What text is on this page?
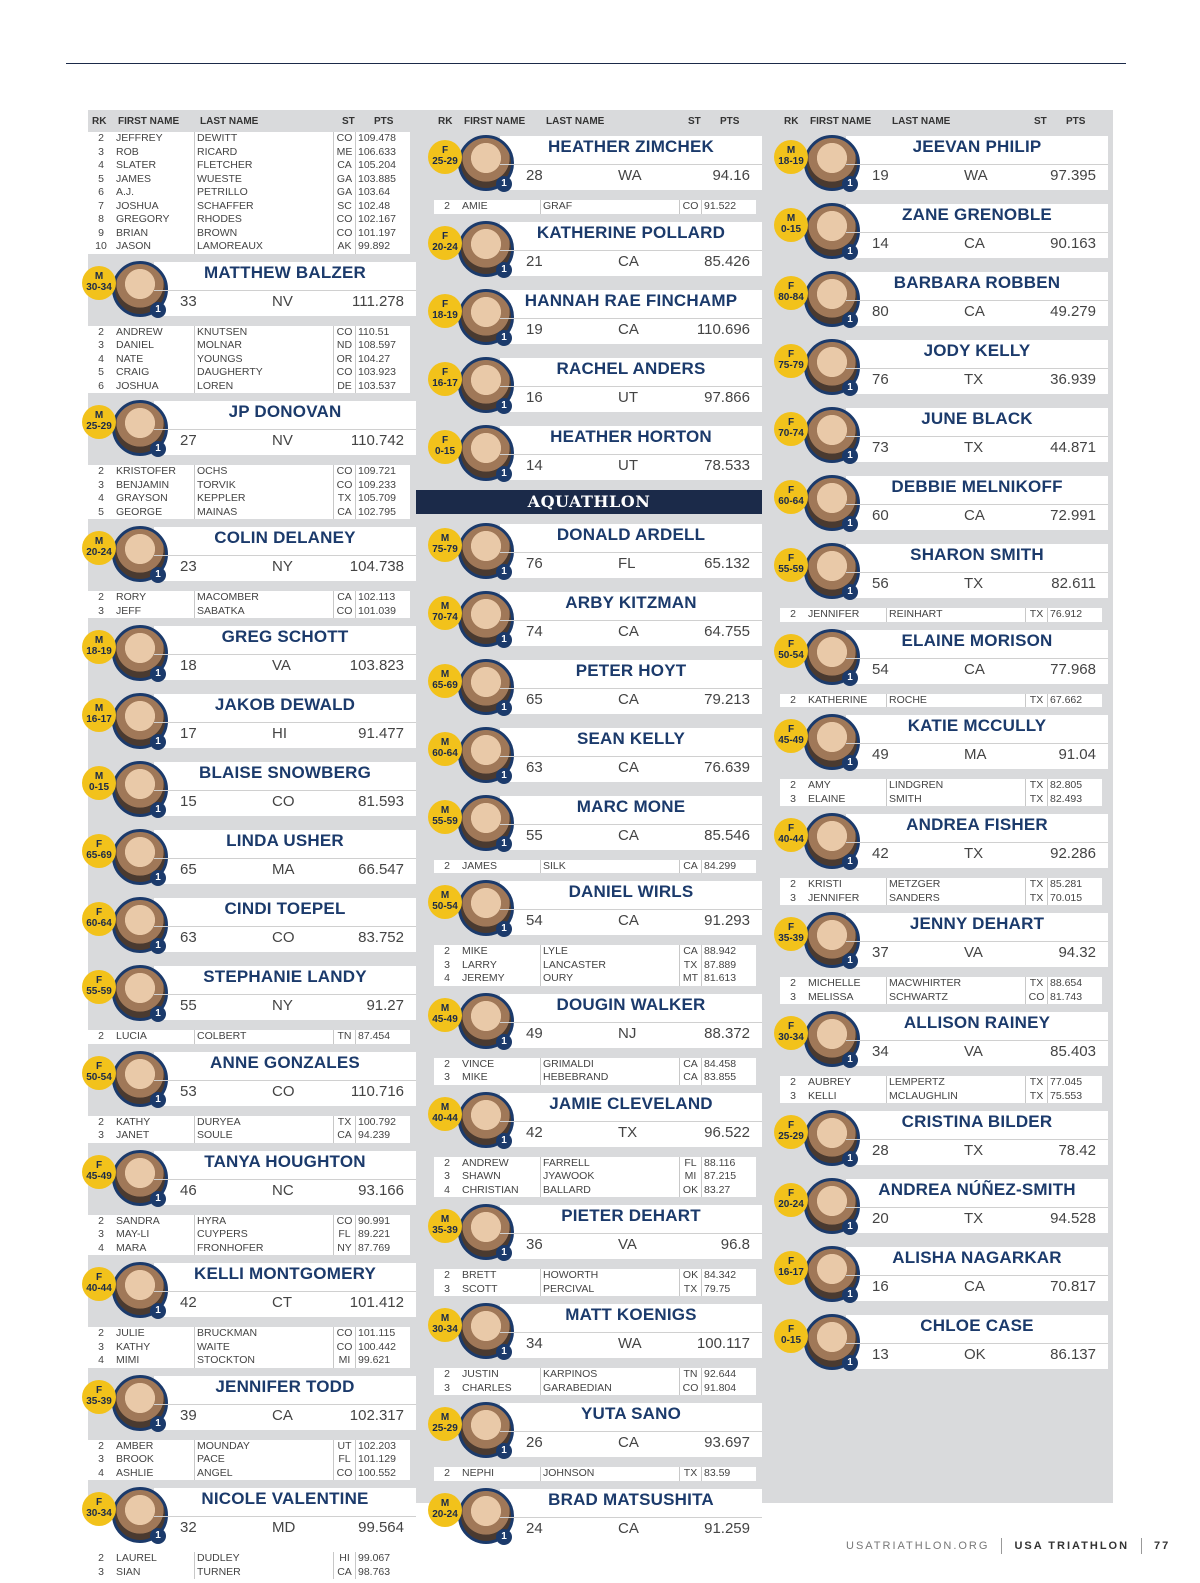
RK FIRST NAME LAST NAME	ST PTS
2	JEFFREY	DEWITT	CO 109.478
3	ROB	RICARD	ME 106.633
4	SLATER	FLETCHER	CA 105.204
5	JAMES	WUESTE	GA 103.885
6	A.J.	PETRILLO	GA 103.64
7	JOSHUA	SCHAFFER	SC 102.48
8	GREGORY	RHODES	CO 102.167
9	BRIAN	BROWN	CO 101.197
10 JASON	LAMOREAUX	AK 99.892
M
30-34
1
MATTHEW BALZER
33	NV	111.278
2	ANDREW	KNUTSEN	CO 110.51
3	DANIEL	MOLNAR	ND 108.597
4	NATE	YOUNGS	OR 104.27
5	CRAIG	DAUGHERTY	CO 103.923
6	JOSHUA	LOREN	DE 103.537
M
25-29
1
JP DONOVAN
27	NV	110.742
2	KRISTOFER	OCHS	CO 109.721
3	BENJAMIN	TORVIK	CO 109.233
4	GRAYSON	KEPPLER	TX 105.709
5	GEORGE	MAINAS	CA 102.795
M
20-24
1
COLIN DELANEY
23	NY	104.738
2	RORY	MACOMBER	CA 102.113
3	JEFF	SABATKA	CO 101.039
M
18-19
1
GREG SCHOTT
18	VA	103.823
M
16-17
1
JAKOB DEWALD
17	HI	91.477
M
0-15
1
BLAISE SNOWBERG
15	CO	81.593
F
65-69
1
LINDA USHER
65	MA	66.547
F
60-64
1
CINDI TOEPEL
63	CO	83.752
F
55-59
1
STEPHANIE LANDY
55	NY	91.27
2	LUCIA	COLBERT	TN 87.454
F
50-54
1
ANNE GONZALES
53	CO	110.716
2	KATHY	DURYEA	TX 100.792
3	JANET	SOULE	CA 94.239
F
45-49
1
TANYA HOUGHTON
46	NC	93.166
2	SANDRA	HYRA	CO 90.991
3	MAY-LI	CUYPERS	FL 89.221
4	MARA	FRONHOFER	NY 87.769
F
40-44
1
KELLI MONTGOMERY
42	CT	101.412
2	JULIE	BRUCKMAN	CO 101.115
3	KATHY	WAITE	CO 100.442
4	MIMI	STOCKTON	MI 99.621
F
35-39
1
JENNIFER TODD
39	CA	102.317
2	AMBER	MOUNDAY	UT 102.203
3	BROOK	PACE	FL 101.129
4	ASHLIE	ANGEL	CO 100.552
F
30-34
1
NICOLE VALENTINE
32	MD	99.564
2	LAUREL	DUDLEY	HI 99.067
3	SIAN	TURNER	CA 98.763
RK FIRST NAME LAST NAME	ST PTS
F
25-29
1
HEATHER ZIMCHEK
28	WA	94.16
2	AMIE	GRAF	CO 91.522
F
20-24
1
KATHERINE POLLARD
21	CA	85.426
F
18-19
1
HANNAH RAE FINCHAMP
19	CA	110.696
F
16-17
1
RACHEL ANDERS
16	UT	97.866
F
0-15
1
HEATHER HORTON
14	UT	78.533
AQUATHLON
M
75-79
1
DONALD ARDELL
76	FL	65.132
M
70-74
1
ARBY KITZMAN
74	CA	64.755
M
65-69
1
PETER HOYT
65	CA	79.213
M
60-64
1
SEAN KELLY
63	CA	76.639
M
55-59
1
MARC MONE
55	CA	85.546
2	JAMES	SILK	CA 84.299
M
50-54
1
DANIEL WIRLS
54	CA	91.293
2	MIKE	LYLE	CA 88.942
3	LARRY	LANCASTER	TX 87.889
4	JEREMY	OURY	MT 81.613
M
45-49
1
DOUGIN WALKER
49	NJ	88.372
2	VINCE	GRIMALDI	CA 84.458
3	MIKE	HEBEBRAND	CA 83.855
M
40-44
1
JAMIE CLEVELAND
42	TX	96.522
2	ANDREW	FARRELL	FL 88.116
3	SHAWN	JYAWOOK	MI 87.215
4	CHRISTIAN	BALLARD	OK 83.27
M
35-39
1
PIETER DEHART
36	VA	96.8
2	BRETT	HOWORTH	OK 84.342
3	SCOTT	PERCIVAL	TX 79.75
M
30-34
1
MATT KOENIGS
34	WA	100.117
2	JUSTIN	KARPINOS	TN 92.644
3	CHARLES	GARABEDIAN	CO 91.804
M
25-29
1
YUTA SANO
26	CA	93.697
2	NEPHI	JOHNSON	TX 83.59
M
20-24
1
BRAD MATSUSHITA
24	CA	91.259
RK FIRST NAME LAST NAME	ST PTS
M
18-19
1
JEEVAN PHILIP
19	WA	97.395
M
0-15
1
ZANE GRENOBLE
14	CA	90.163
F
80-84
1
BARBARA ROBBEN
80	CA	49.279
F
75-79
1
JODY KELLY
76	TX	36.939
F
70-74
1
JUNE BLACK
73	TX	44.871
F
60-64
1
DEBBIE MELNIKOFF
60	CA	72.991
F
55-59
1
SHARON SMITH
56	TX	82.611
2	JENNIFER	REINHART	TX 76.912
F
50-54
1
ELAINE MORISON
54	CA	77.968
2	KATHERINE	ROCHE	TX 67.662
F
45-49
1
KATIE MCCULLY
49	MA	91.04
2	AMY	LINDGREN	TX 82.805
3	ELAINE	SMITH	TX 82.493
F
40-44
1
ANDREA FISHER
42	TX	92.286
2	KRISTI	METZGER	TX 85.281
3	JENNIFER	SANDERS	TX 70.015
F
35-39
1
JENNY DEHART
37	VA	94.32
2	MICHELLE	MACWHIRTER	TX 88.654
3	MELISSA	SCHWARTZ	CO 81.743
F
30-34
1
ALLISON RAINEY
34	VA	85.403
2	AUBREY	LEMPERTZ	TX 77.045
3	KELLI	MCLAUGHLIN	TX 75.553
F
25-29
1
CRISTINA BILDER
28	TX	78.42
F
20-24
1
ANDREA NÚÑEZ-SMITH
20	TX	94.528
F
16-17
1
ALISHA NAGARKAR
16	CA	70.817
F
0-15
1
CHLOE CASE
13	OK	86.137
USATRIATHLON.ORG USA TRIATHLON 77
